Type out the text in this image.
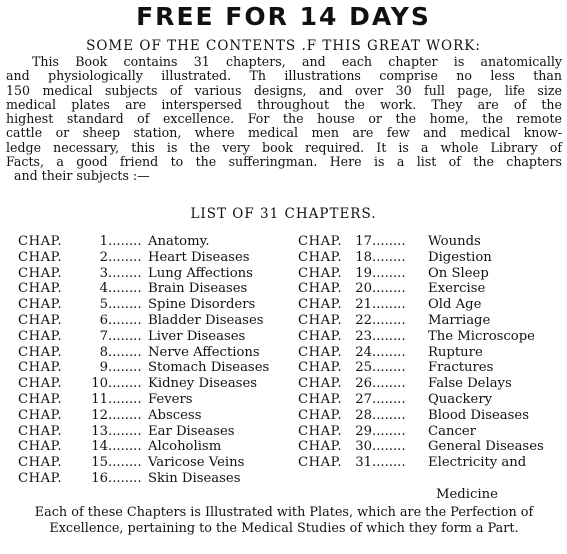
FREE FOR 14 DAYS
SOME OF THE CONTENTS .F THIS GREAT WORK:
This Book contains 31 chapters, and each chapter is anatomically
and physiologically illustrated. Th illustrations comprise no less than
150 medical subjects of various designs, and over 30 full page, life size
medical plates are interspersed throughout the work. They are of the
highest standard of excellence. For the house or the home, the remote
cattle or sheep station, where medical men are few and medical know-
ledge necessary, this is the very book required. It is a whole Library of
Facts, a good friend to the sufferingman. Here is a list of the chapters
and their subjects :—
LIST OF 31 CHAPTERS.
CHAP.	1 ........ Anatomy.
CHAP.	2 ........ Heart Diseases
CHAP.	3 ........ Lung Affections
CHAP.	4 ........ Brain Diseases
CHAP.	5 ........ Spine Disorders
CHAP.	6 ........ Bladder Diseases
CHAP.	7 ........ Liver Diseases
CHAP.	8 ........ Nerve Affections
CHAP.	9 ........ Stomach Diseases
CHAP.	10 ........ Kidney Diseases
CHAP.	11 ........ Fevers
CHAP.	12 ........ Abscess
CHAP.	13 ........ Ear Diseases
CHAP.	14 ........ Alcoholism
CHAP.	15 ........ Varicose Veins
CHAP.	16 ........ Skin Diseases
CHAP.	17 ........ Wounds
CHAP.	18 ........ Digestion
CHAP.	19 ........ On Sleep
CHAP.	20 ........ Exercise
CHAP.	21 ........ Old Age
CHAP.	22 ........ Marriage
CHAP.	23 ........ The Microscope
CHAP.	24 ........ Rupture
CHAP.	25 ........ Fractures
CHAP.	26 ........ False Delays
CHAP.	27 ........ Quackery
CHAP.	28 ........ Blood Diseases
CHAP.	29 ........ Cancer
CHAP.	30 ........ General Diseases
CHAP.	31 ........ Electricity and
Medicine
Each of these Chapters is Illustrated with Plates, which are the Perfection of Excellence, pertaining to the Medical Studies of which they form a Part.
